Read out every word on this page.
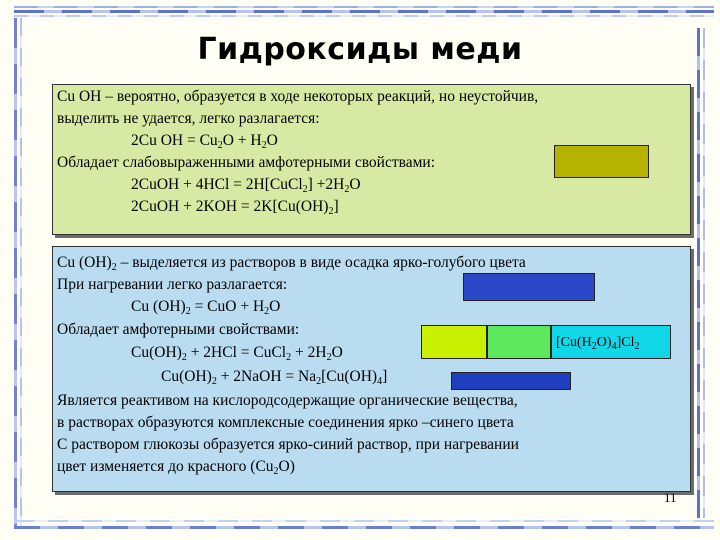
Гидроксиды меди
Cu OH – вероятно, образуется в ходе некоторых реакций, но неустойчив,
выделить не удается, легко разлагается:
2Cu OH = $Cu_2O + H_2O$
Обладает слабовыраженными амфотерными свойствами:
2CuOH + 4HCl = 2H[CuCl$_2$] $+2H_2O$
2CuOH + $2KOH = 2K[Cu(OH)_2]$
Cu $(OH)_2$ – выделяется из растворов в виде осадка ярко-голубого цвета
При нагревании легко разлагается:
Cu $(OH)_2$ = CuO + $H_2O$
Обладает амфотерными свойствами:
$Cu(OH)_2 + 2HCl$ = CuCl$_2$ + $2H_2O$
$Cu(OH)_2$ + 2NaOH = $Na_2[Cu(OH)_4]$
Является реактивом на кислородсодержащие органические вещества,
в растворах образуются комплексные соединения ярко –синего цвета
С раствором глюкозы образуется ярко-синий раствор, при нагревании
цвет изменяется до красного $(Cu_2O)$
$[Cu(H_2O)_4]Cl_2$
11
